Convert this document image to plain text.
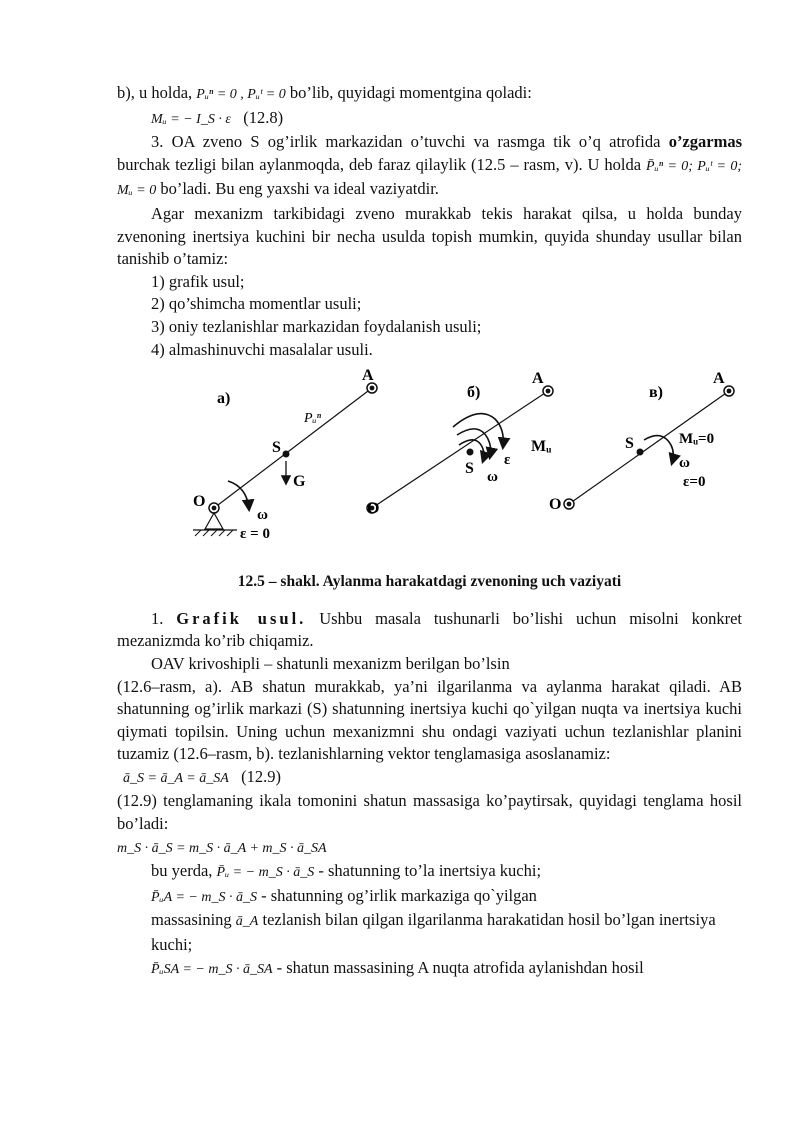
b), u holda, Pᵤⁿ = 0 , Pᵤᵗ = 0 bo’lib, quyidagi momentgina qoladi:

Mᵤ = − I_S · ε (12.8)

3. OA zveno S og’irlik markazidan o’tuvchi va rasmga tik o’q atrofida o’zgarmas burchak tezligi bilan aylanmoqda, deb faraz qilaylik (12.5 – rasm, v). U holda P̄ᵤⁿ = 0; Pᵤᵗ = 0; Mᵤ = 0 bo’ladi. Bu eng yaxshi va ideal vaziyatdir.

Agar mexanizm tarkibidagi zveno murakkab tekis harakat qilsa, u holda bunday zvenoning inertsiya kuchini bir necha usulda topish mumkin, quyida shunday usullar bilan tanishib o’tamiz:

1) grafik usul;
2) qo’shimcha momentlar usuli;
3) oniy tezlanishlar markazidan foydalanish usuli;
4) almashinuvchi masalalar usuli.
a)
A
Pᵤⁿ
S
G
O
ω
ε = 0
б)
A
Mᵤ
ε
S ω
O
в)
A
Mᵤ=0
S
ω
ε=0
O

12.5 – shakl. Aylanma harakatdagi zvenoning uch vaziyati

1. Grafik usul. Ushbu masala tushunarli bo’lishi uchun misolni konkret mezanizmda ko’rib chiqamiz.

OAV krivoshipli – shatunli mexanizm berilgan bo’lsin

(12.6–rasm, a). AB shatun murakkab, ya’ni ilgarilanma va aylanma harakat qiladi. AB shatunning og’irlik markazi (S) shatunning inertsiya kuchi qo`yilgan nuqta va inertsiya kuchi qiymati topilsin. Uning uchun mexanizmni shu ondagi vaziyati uchun tezlanishlar planini tuzamiz (12.6–rasm, b). tezlanishlarning vektor tenglamasiga asoslanamiz:

ā_S = ā_A = ā_SA (12.9)

(12.9) tenglamaning ikala tomonini shatun massasiga ko’paytirsak, quyidagi tenglama hosil bo’ladi:

m_S · ā_S = m_S · ā_A + m_S · ā_SA

bu yerda, P̄ᵤ = − m_S · ā_S - shatunning to’la inertsiya kuchi;

P̄ᵤA = − m_S · ā_S - shatunning og’irlik markaziga qo`yilgan

massasining ā_A tezlanish bilan qilgan ilgarilanma harakatidan hosil bo’lgan inertsiya

kuchi;

P̄ᵤSA = − m_S · ā_SA - shatun massasining A nuqta atrofida aylanishdan hosil
